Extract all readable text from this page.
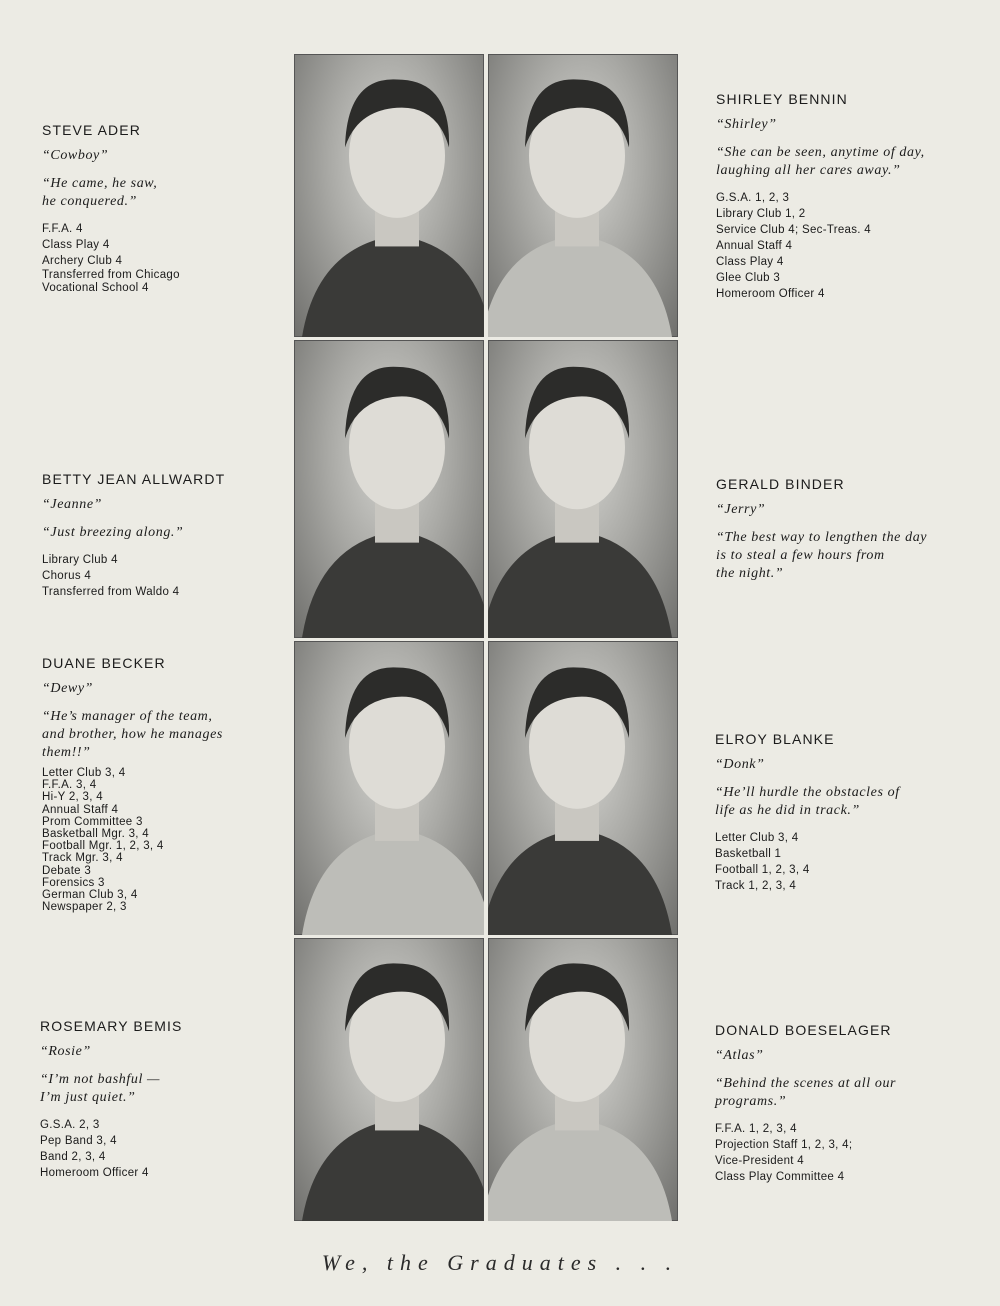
STEVE ADER
“Cowboy”
“He came, he saw,
he conquered.”
F.F.A. 4
Class Play 4
Archery Club 4
Transferred from Chicago
Vocational School 4
BETTY JEAN ALLWARDT
“Jeanne”
“Just breezing along.”
Library Club 4
Chorus 4
Transferred from Waldo 4
DUANE BECKER
“Dewy”
“He’s manager of the team,
and brother, how he manages
them!!”
Letter Club 3, 4
F.F.A. 3, 4
Hi-Y 2, 3, 4
Annual Staff 4
Prom Committee 3
Basketball Mgr. 3, 4
Football Mgr. 1, 2, 3, 4
Track Mgr. 3, 4
Debate 3
Forensics 3
German Club 3, 4
Newspaper 2, 3
ROSEMARY BEMIS
“Rosie”
“I’m not bashful —
I’m just quiet.”
G.S.A. 2, 3
Pep Band 3, 4
Band 2, 3, 4
Homeroom Officer 4
SHIRLEY BENNIN
“Shirley”
“She can be seen, anytime of day,
laughing all her cares away.”
G.S.A. 1, 2, 3
Library Club 1, 2
Service Club 4; Sec-Treas. 4
Annual Staff 4
Class Play 4
Glee Club 3
Homeroom Officer 4
GERALD BINDER
“Jerry”
“The best way to lengthen the day
is to steal a few hours from
the night.”
ELROY BLANKE
“Donk”
“He’ll hurdle the obstacles of
life as he did in track.”
Letter Club 3, 4
Basketball 1
Football 1, 2, 3, 4
Track 1, 2, 3, 4
DONALD BOESELAGER
“Atlas”
“Behind the scenes at all our
programs.”
F.F.A. 1, 2, 3, 4
Projection Staff 1, 2, 3, 4;
Vice-President 4
Class Play Committee 4
We, the Graduates . . .
